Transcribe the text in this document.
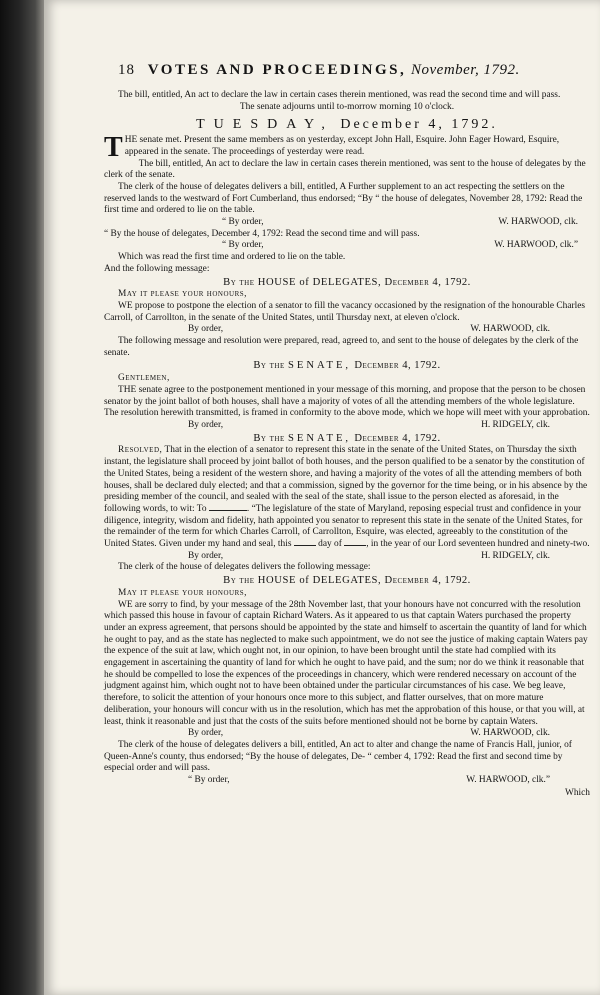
18 VOTES AND PROCEEDINGS, November, 1792.

The bill, entitled, An act to declare the law in certain cases therein mentioned, was read the second time and will pass.

The senate adjourns until to-morrow morning 10 o'clock.

TUESDAY, December 4, 1792.

THE senate met. Present the same members as on yesterday, except John Hall, Esquire. John Eager Howard, Esquire, appeared in the senate. The proceedings of yesterday were read.

The bill, entitled, An act to declare the law in certain cases therein mentioned, was sent to the house of delegates by the clerk of the senate.

The clerk of the house of delegates delivers a bill, entitled, A Further supplement to an act respecting the settlers on the reserved lands to the westward of Fort Cumberland, thus endorsed; “By “ the house of delegates, November 28, 1792: Read the first time and ordered to lie on the table.

“ By order,	W. HARWOOD, clk.

“ By the house of delegates, December 4, 1792: Read the second time and will pass.

“ By order,	W. HARWOOD, clk.”

Which was read the first time and ordered to lie on the table.

And the following message:

By the HOUSE of DELEGATES, December 4, 1792.

May it please your honours,

WE propose to postpone the election of a senator to fill the vacancy occasioned by the resignation of the honourable Charles Carroll, of Carrollton, in the senate of the United States, until Thursday next, at eleven o'clock.

By order,	W. HARWOOD, clk.

The following message and resolution were prepared, read, agreed to, and sent to the house of delegates by the clerk of the senate.

By the SENATE, December 4, 1792.

Gentlemen,

THE senate agree to the postponement mentioned in your message of this morning, and propose that the person to be chosen senator by the joint ballot of both houses, shall have a majority of votes of all the attending members of the whole legislature. The resolution herewith transmitted, is framed in conformity to the above mode, which we hope will meet with your approbation.

By order,	H. RIDGELY, clk.
By the SENATE, December 4, 1792.

Resolved, That in the election of a senator to represent this state in the senate of the United States, on Thursday the sixth instant, the legislature shall proceed by joint ballot of both houses, and the person qualified to be a senator by the constitution of the United States, being a resident of the western shore, and having a majority of the votes of all the attending members of both houses, shall be declared duly elected; and that a commission, signed by the governor for the time being, or in his absence by the presiding member of the council, and sealed with the seal of the state, shall issue to the person elected as aforesaid, in the following words, to wit: To	. “The legislature of the state of Maryland, reposing especial trust and confidence in your diligence, integrity, wisdom and fidelity, hath appointed you senator to represent this state in the senate of the United States, for the remainder of the term for which Charles Carroll, of Carrollton, Esquire, was elected, agreeably to the constitution of the United States. Given under my hand and seal, this	day of	, in the year of our Lord seventeen hundred and ninety-two.

By order,	H. RIDGELY, clk.

The clerk of the house of delegates delivers the following message:

By the HOUSE of DELEGATES, December 4, 1792.

May it please your honours,

WE are sorry to find, by your message of the 28th November last, that your honours have not concurred with the resolution which passed this house in favour of captain Richard Waters. As it appeared to us that captain Waters purchased the property under an express agreement, that persons should be appointed by the state and himself to ascertain the quantity of land for which he ought to pay, and as the state has neglected to make such appointment, we do not see the justice of making captain Waters pay the expence of the suit at law, which ought not, in our opinion, to have been brought until the state had complied with its engagement in ascertaining the quantity of land for which he ought to have paid, and the sum; nor do we think it reasonable that he should be compelled to lose the expences of the proceedings in chancery, which were rendered necessary on account of the judgment against him, which ought not to have been obtained under the particular circumstances of his case. We beg leave, therefore, to solicit the attention of your honours once more to this subject, and flatter ourselves, that on more mature deliberation, your honours will concur with us in the resolution, which has met the approbation of this house, or that you will, at least, think it reasonable and just that the costs of the suits before mentioned should not be borne by captain Waters.

By order,	W. HARWOOD, clk.

The clerk of the house of delegates delivers a bill, entitled, An act to alter and change the name of Francis Hall, junior, of Queen-Anne's county, thus endorsed; “By the house of delegates, De- “ cember 4, 1792: Read the first and second time by especial order and will pass.

“ By order,	W. HARWOOD, clk.”

Which
